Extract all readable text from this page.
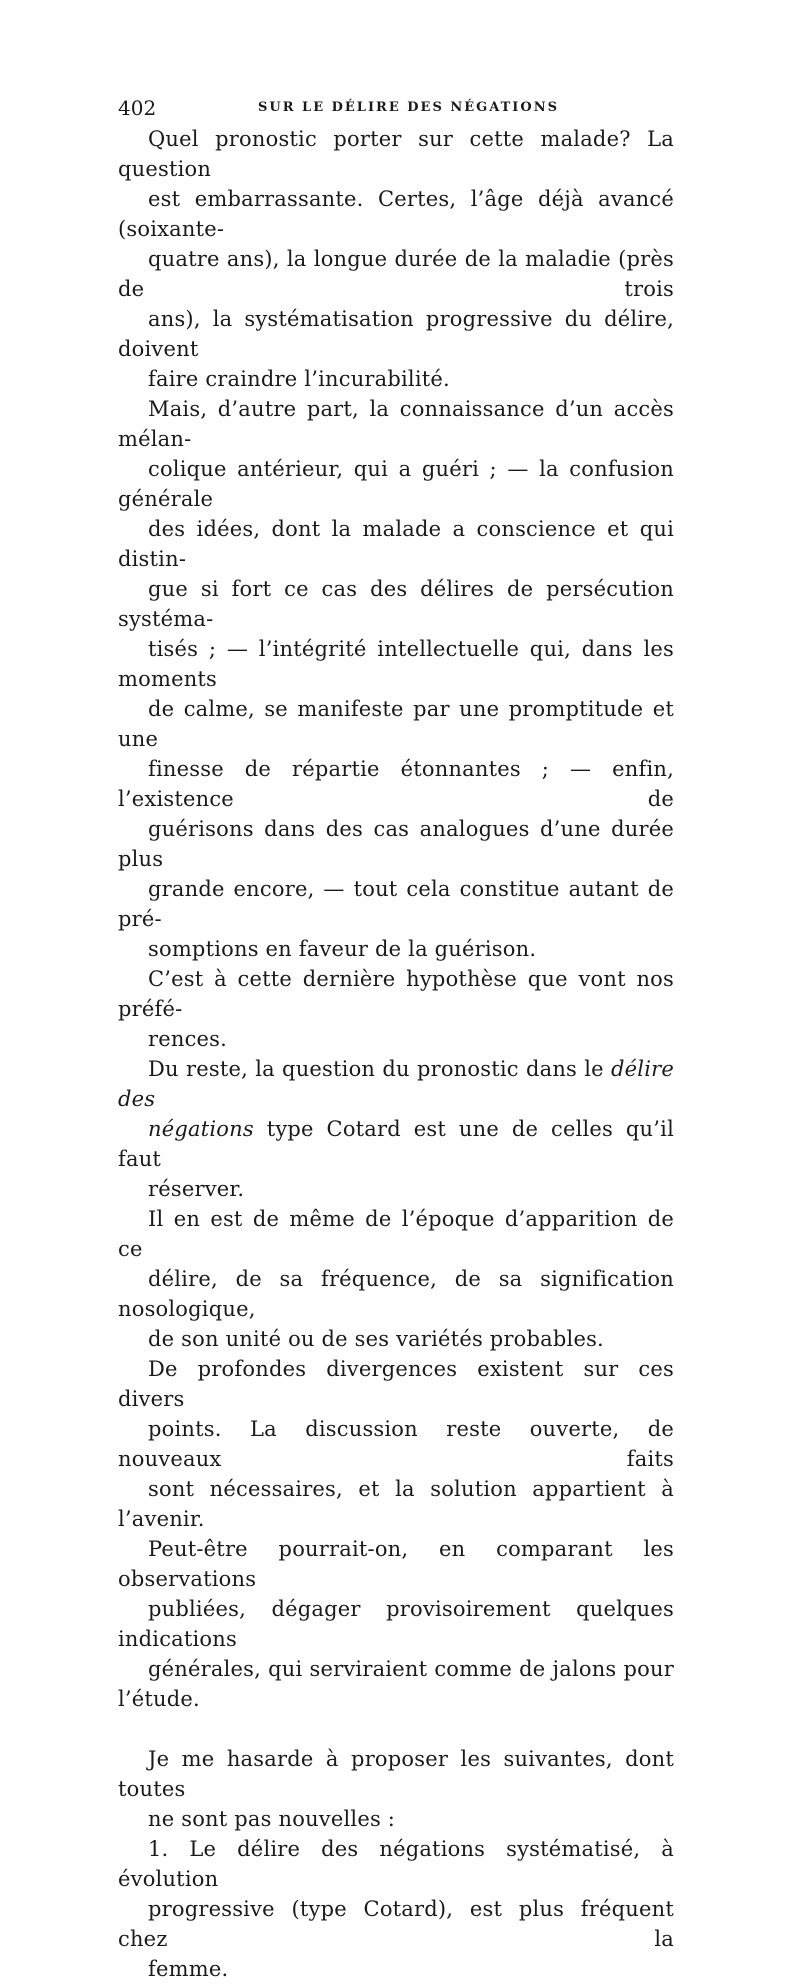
402	SUR LE DÉLIRE DES NÉGATIONS

Quel pronostic porter sur cette malade? La question
est embarrassante. Certes, l’âge déjà avancé (soixante-
quatre ans), la longue durée de la maladie (près de trois
ans), la systématisation progressive du délire, doivent
faire craindre l’incurabilité.

Mais, d’autre part, la connaissance d’un accès mélan-
colique antérieur, qui a guéri ; — la confusion générale
des idées, dont la malade a conscience et qui distin-
gue si fort ce cas des délires de persécution systéma-
tisés ; — l’intégrité intellectuelle qui, dans les moments
de calme, se manifeste par une promptitude et une
finesse de répartie étonnantes ; — enfin, l’existence de
guérisons dans des cas analogues d’une durée plus
grande encore, — tout cela constitue autant de pré-
somptions en faveur de la guérison.

C’est à cette dernière hypothèse que vont nos préfé-
rences.

Du reste, la question du pronostic dans le délire des
négations type Cotard est une de celles qu’il faut
réserver.

Il en est de même de l’époque d’apparition de ce
délire, de sa fréquence, de sa signification nosologique,
de son unité ou de ses variétés probables.

De profondes divergences existent sur ces divers
points. La discussion reste ouverte, de nouveaux faits
sont nécessaires, et la solution appartient à l’avenir.

Peut-être pourrait-on, en comparant les observations
publiées, dégager provisoirement quelques indications
générales, qui serviraient comme de jalons pour l’étude.

Je me hasarde à proposer les suivantes, dont toutes
ne sont pas nouvelles :

1. Le délire des négations systématisé, à évolution
progressive (type Cotard), est plus fréquent chez la
femme.
